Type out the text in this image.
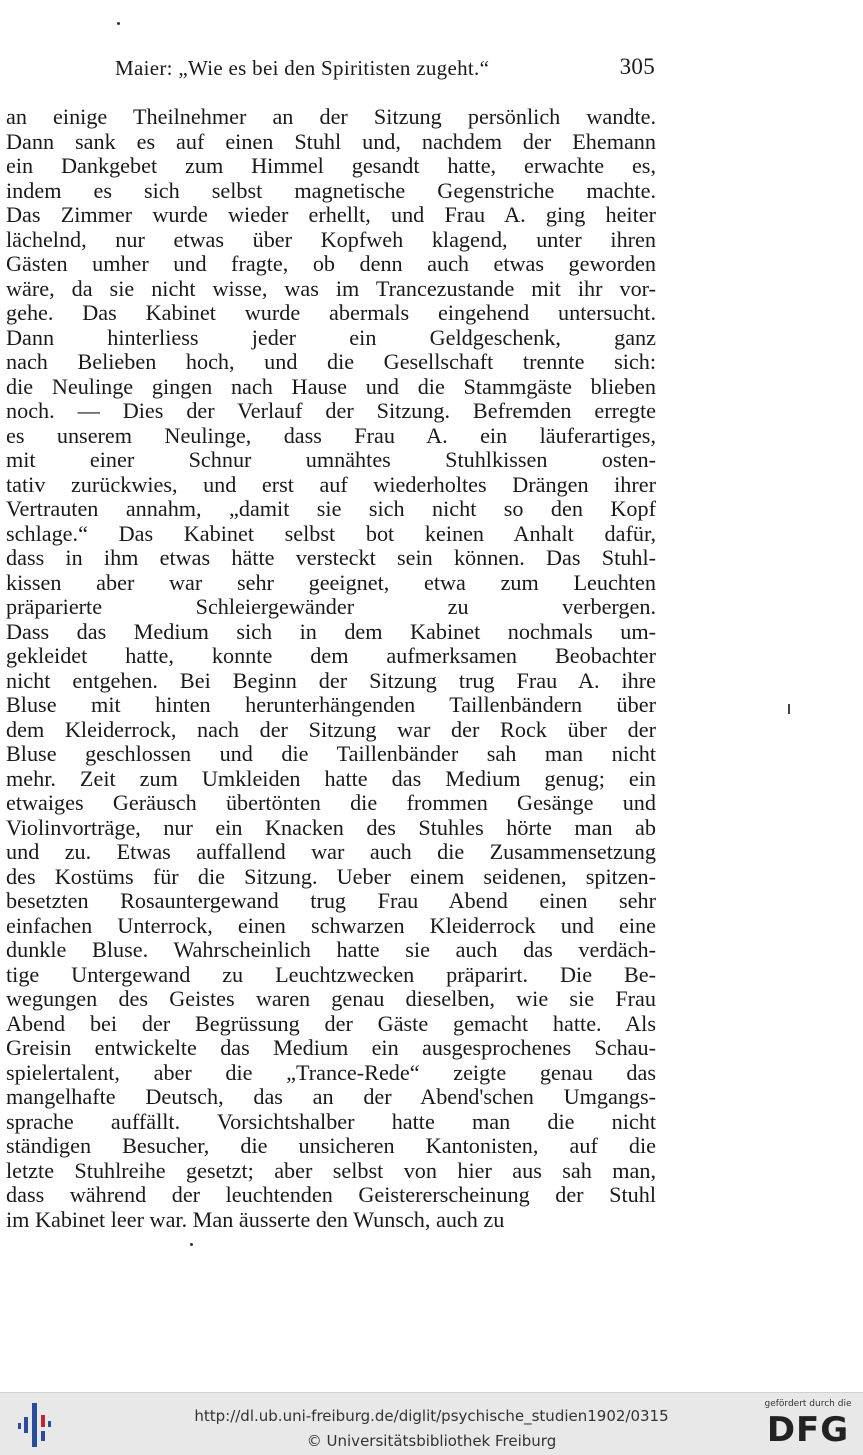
Maier: „Wie es bei den Spiritisten zugeht.“	305
an einige Theilnehmer an der Sitzung persönlich wandte.
Dann sank es auf einen Stuhl und, nachdem der Ehemann
ein Dankgebet zum Himmel gesandt hatte, erwachte es,
indem es sich selbst magnetische Gegenstriche machte.
Das Zimmer wurde wieder erhellt, und Frau A. ging heiter
lächelnd, nur etwas über Kopfweh klagend, unter ihren
Gästen umher und fragte, ob denn auch etwas geworden
wäre, da sie nicht wisse, was im Trancezustande mit ihr vor-
gehe. Das Kabinet wurde abermals eingehend untersucht.
Dann hinterliess jeder ein Geldgeschenk, ganz
nach Belieben hoch, und die Gesellschaft trennte sich:
die Neulinge gingen nach Hause und die Stammgäste blieben
noch. — Dies der Verlauf der Sitzung. Befremden erregte
es unserem Neulinge, dass Frau A. ein läuferartiges,
mit einer Schnur umnähtes Stuhlkissen osten-
tativ zurückwies, und erst auf wiederholtes Drängen ihrer
Vertrauten annahm, „damit sie sich nicht so den Kopf
schlage.“ Das Kabinet selbst bot keinen Anhalt dafür,
dass in ihm etwas hätte versteckt sein können. Das Stuhl-
kissen aber war sehr geeignet, etwa zum Leuchten
präparierte Schleiergewänder zu verbergen.
Dass das Medium sich in dem Kabinet nochmals um-
gekleidet hatte, konnte dem aufmerksamen Beobachter
nicht entgehen. Bei Beginn der Sitzung trug Frau A. ihre
Bluse mit hinten herunterhängenden Taillenbändern über
dem Kleiderrock, nach der Sitzung war der Rock über der
Bluse geschlossen und die Taillenbänder sah man nicht
mehr. Zeit zum Umkleiden hatte das Medium genug; ein
etwaiges Geräusch übertönten die frommen Gesänge und
Violinvorträge, nur ein Knacken des Stuhles hörte man ab
und zu. Etwas auffallend war auch die Zusammensetzung
des Kostüms für die Sitzung. Ueber einem seidenen, spitzen-
besetzten Rosauntergewand trug Frau Abend einen sehr
einfachen Unterrock, einen schwarzen Kleiderrock und eine
dunkle Bluse. Wahrscheinlich hatte sie auch das verdäch-
tige Untergewand zu Leuchtzwecken präparirt. Die Be-
wegungen des Geistes waren genau dieselben, wie sie Frau
Abend bei der Begrüssung der Gäste gemacht hatte. Als
Greisin entwickelte das Medium ein ausgesprochenes Schau-
spielertalent, aber die „Trance-Rede“ zeigte genau das
mangelhafte Deutsch, das an der Abend'schen Umgangs-
sprache auffällt. Vorsichtshalber hatte man die nicht
ständigen Besucher, die unsicheren Kantonisten, auf die
letzte Stuhlreihe gesetzt; aber selbst von hier aus sah man,
dass während der leuchtenden Geistererscheinung der Stuhl
im Kabinet leer war. Man äusserte den Wunsch, auch zu
http://dl.ub.uni-freiburg.de/diglit/psychische_studien1902/0315
© Universitätsbibliothek Freiburg
gefördert durch die
DFG
